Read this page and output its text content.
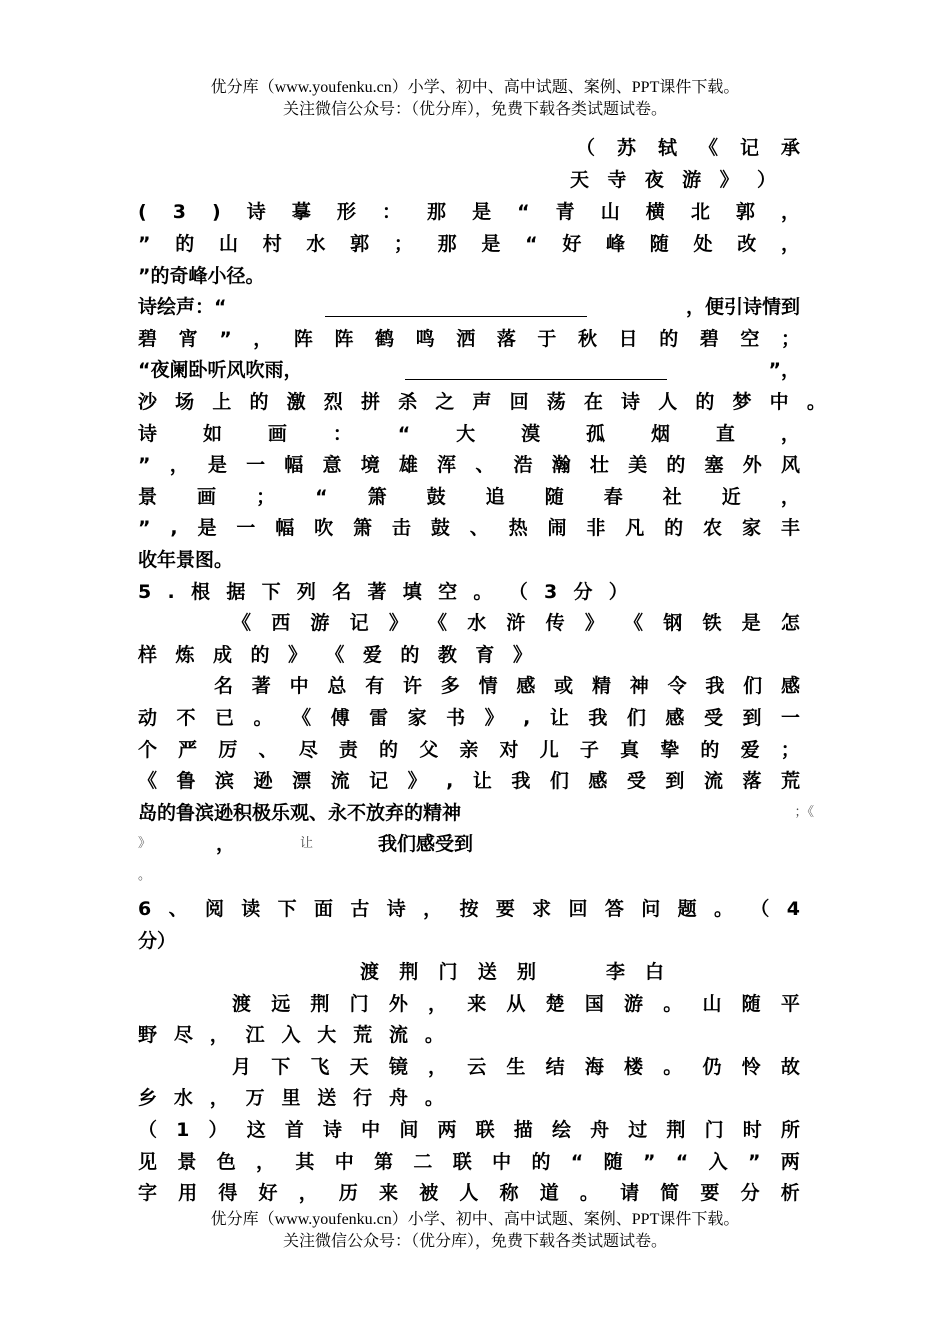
优分库（www.youfenku.cn）小学、初中、高中试题、案例、PPT课件下载。
关注微信公众号：（优分库），免费下载各类试题试卷。
（ 苏 轼 《 记 承
天 寺 夜 游 》 ）
( 3 ) 诗 摹 形 ： 那 是 “ 青 山 横 北 郭 ，
” 的 山 村 水 郭 ； 那 是 “ 好 峰 随 处 改 ，
”的奇峰小径。
诗绘声：“	，便引诗情到
碧 宵 ” ， 阵 阵 鹤 鸣 洒 落 于 秋 日 的 碧 空 ；
“夜阑卧听风吹雨，	”，
沙 场 上 的 激 烈 拼 杀 之 声 回 荡 在 诗 人 的 梦 中 。
诗 如 画 ： “ 大 漠 孤 烟 直 ，
” ， 是 一 幅 意 境 雄 浑 、 浩 瀚 壮 美 的 塞 外 风
景 画 ； “ 箫 鼓 追 随 春 社 近 ，
” , 是 一 幅 吹 箫 击 鼓 、 热 闹 非 凡 的 农 家 丰
收年景图。
5 . 根 据 下 列 名 著 填 空 。 （ 3 分 ）
《 西 游 记 》 《 水 浒 传 》 《 钢 铁 是 怎
样 炼 成 的 》 《 爱 的 教 育 》
名 著 中 总 有 许 多 情 感 或 精 神 令 我 们 感
动 不 已 。 《 傅 雷 家 书 》 , 让 我 们 感 受 到 一
个 严 厉 、 尽 责 的 父 亲 对 儿 子 真 挚 的 爱 ；
《 鲁 滨 逊 漂 流 记 》 , 让 我 们 感 受 到 流 落 荒
岛的鲁滨逊积极乐观、永不放弃的精神	；《
》	，	让	我们感受到
。
6 、 阅 读 下 面 古 诗 ， 按 要 求 回 答 问 题 。 （ 4
分）
渡 荆 门 送 别	李 白
渡 远 荆 门 外 ， 来 从 楚 国 游 。 山 随 平
野 尽 ， 江 入 大 荒 流 。
月 下 飞 天 镜 ， 云 生 结 海 楼 。 仍 怜 故
乡 水 ， 万 里 送 行 舟 。
（ 1 ） 这 首 诗 中 间 两 联 描 绘 舟 过 荆 门 时 所
见 景 色 ， 其 中 第 二 联 中 的 “ 随 ” “ 入 ” 两
字 用 得 好 ， 历 来 被 人 称 道 。 请 简 要 分 析
优分库（www.youfenku.cn）小学、初中、高中试题、案例、PPT课件下载。
关注微信公众号：（优分库），免费下载各类试题试卷。
